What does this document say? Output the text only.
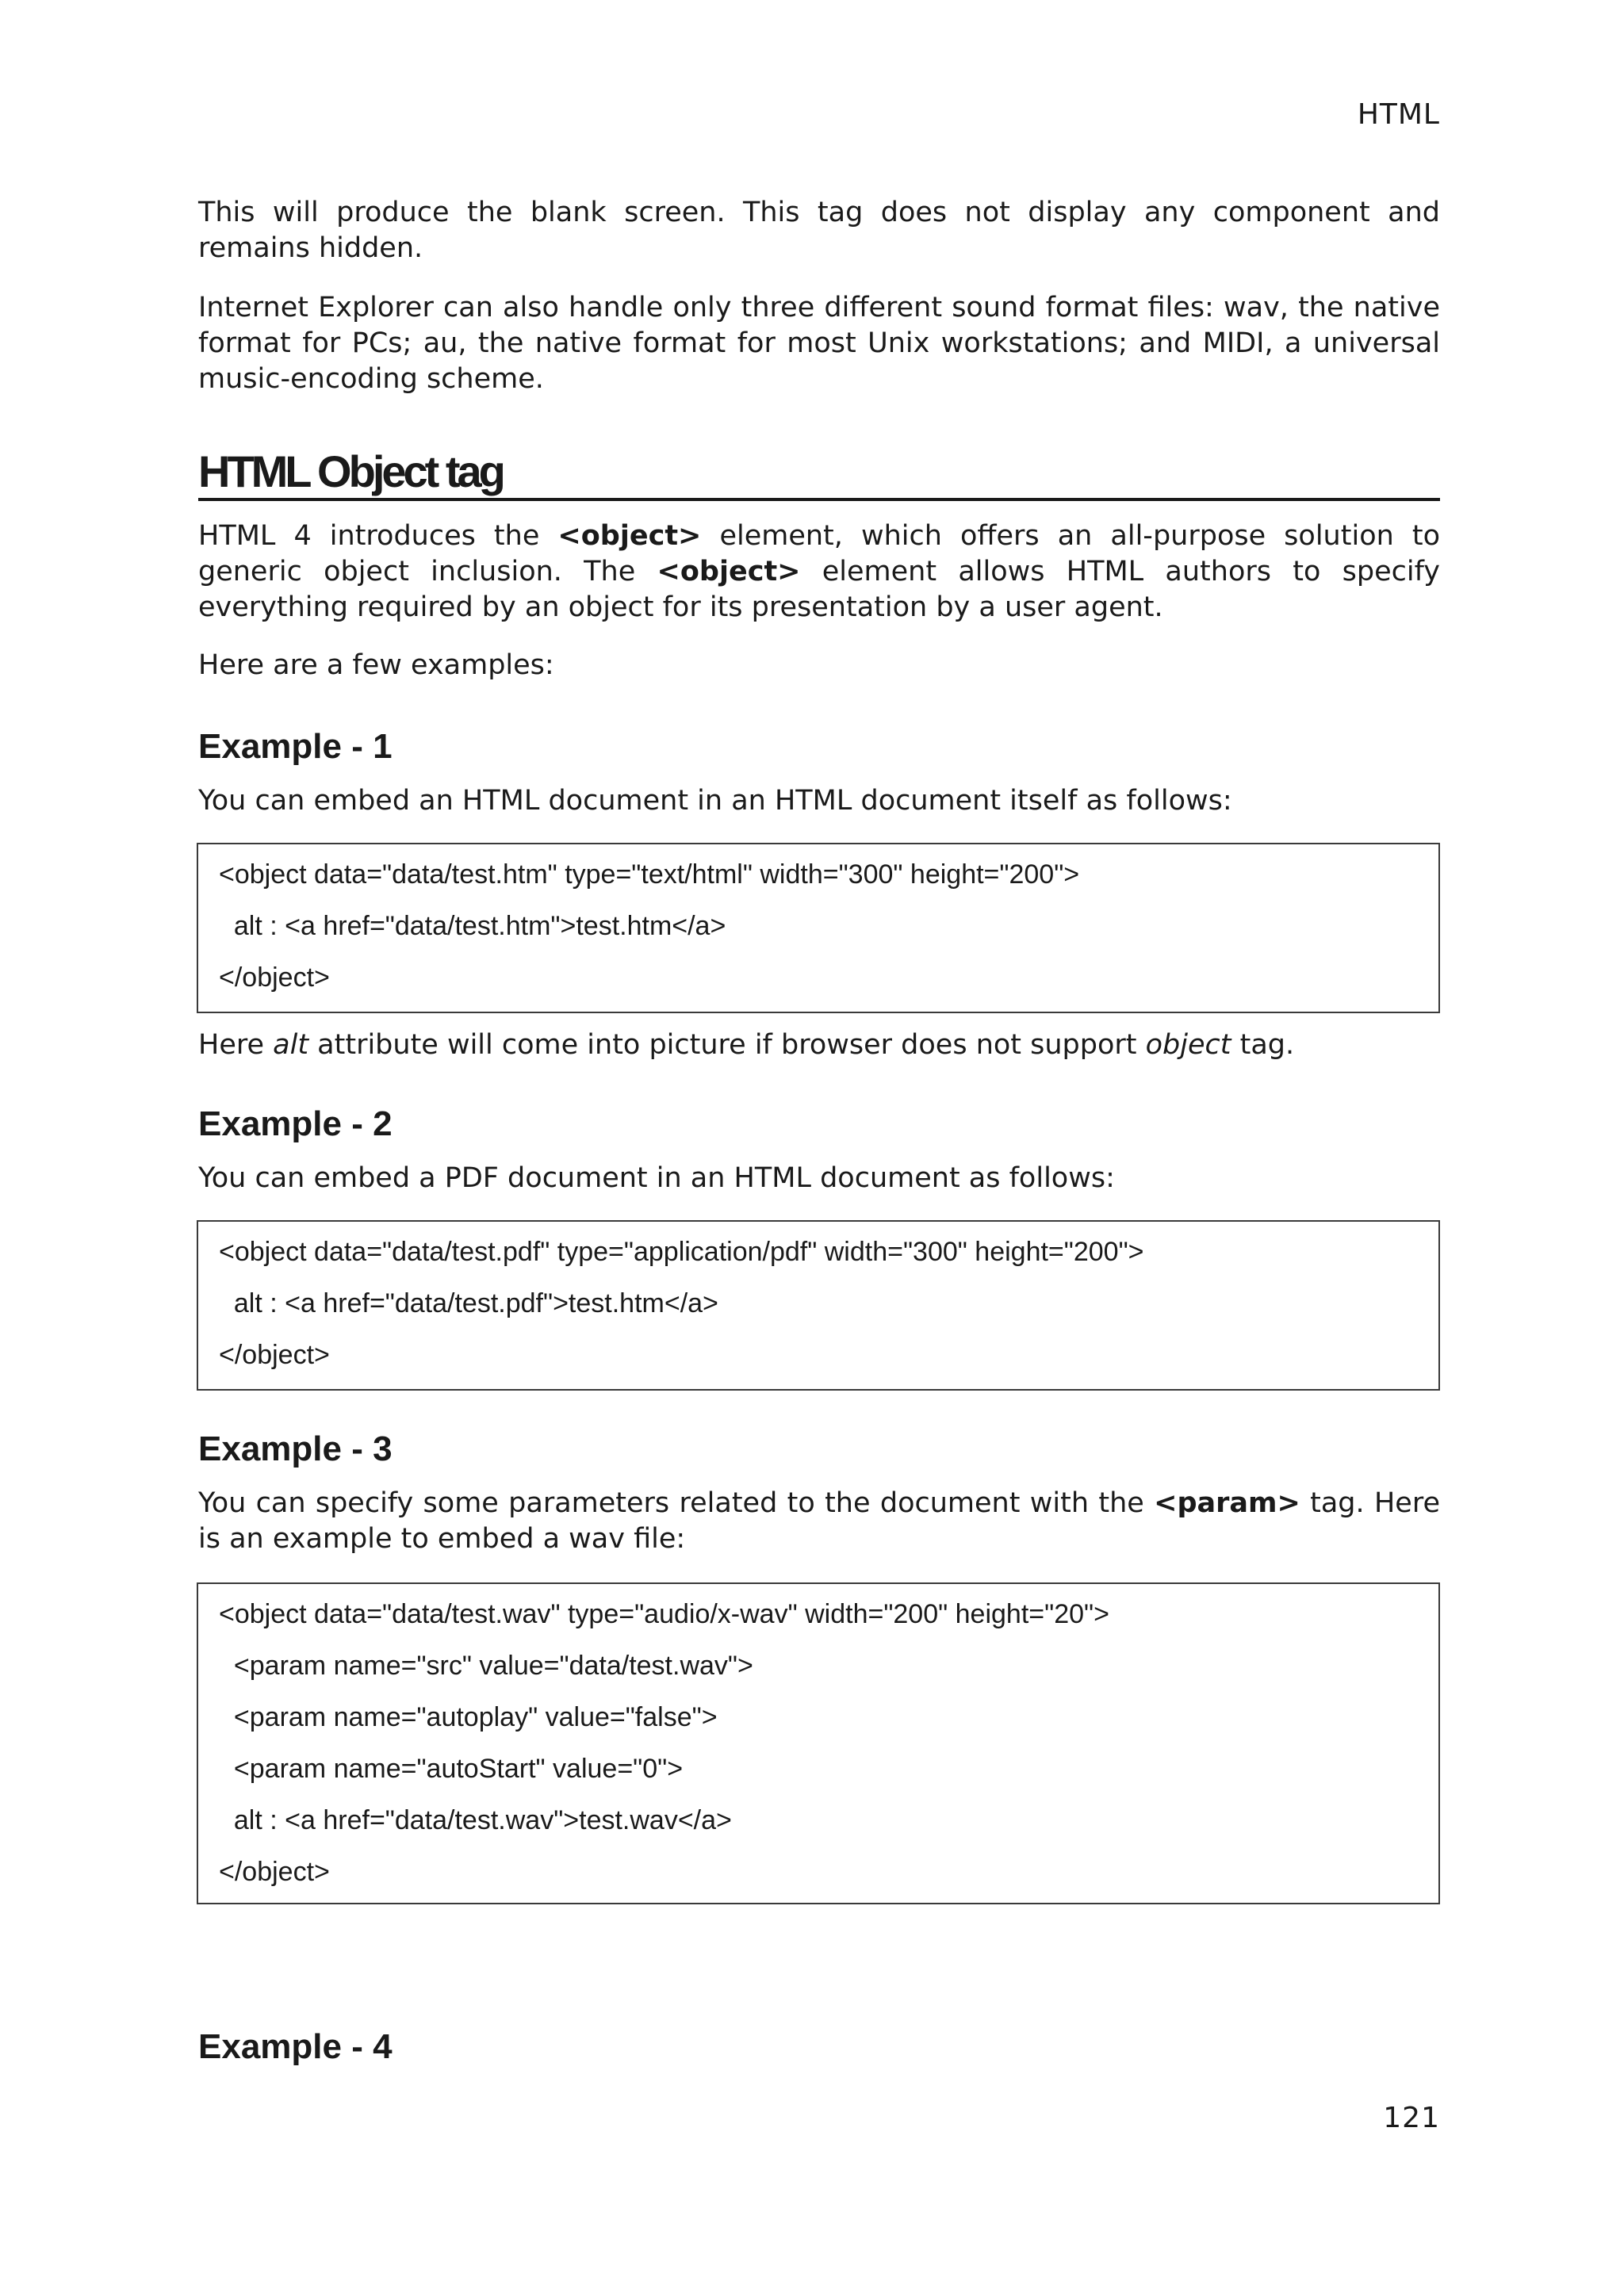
HTML

This will produce the blank screen. This tag does not display any component and remains hidden.

Internet Explorer can also handle only three different sound format files: wav, the native format for PCs; au, the native format for most Unix workstations; and MIDI, a universal music-encoding scheme.

HTML Object tag

HTML 4 introduces the <object> element, which offers an all-purpose solution to generic object inclusion. The <object> element allows HTML authors to specify everything required by an object for its presentation by a user agent.

Here are a few examples:

Example - 1

You can embed an HTML document in an HTML document itself as follows:

<object data="data/test.htm" type="text/html" width="300" height="200">
alt : <a href="data/test.htm">test.htm</a>
</object>

Here alt attribute will come into picture if browser does not support object tag.

Example - 2

You can embed a PDF document in an HTML document as follows:

<object data="data/test.pdf" type="application/pdf" width="300" height="200">
alt : <a href="data/test.pdf">test.htm</a>
</object>
Example - 3

You can specify some parameters related to the document with the <param> tag. Here is an example to embed a wav file:

<object data="data/test.wav" type="audio/x-wav" width="200" height="20">
<param name="src" value="data/test.wav">
<param name="autoplay" value="false">
<param name="autoStart" value="0">
alt : <a href="data/test.wav">test.wav</a>
</object>
Example - 4
121
